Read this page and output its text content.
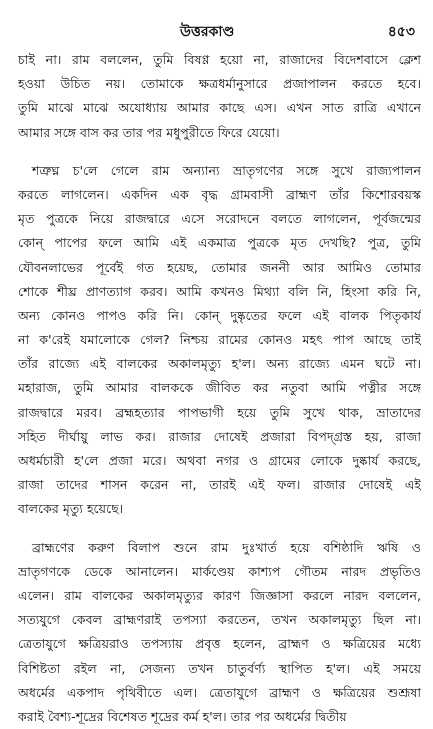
উত্তরকাণ্ড	৪৫৩
চাই না। রাম বললেন, তুমি বিষণ্ণ হয়ো না, রাজাদের বিদেশবাসে ক্লেশ
হওয়া উচিত নয়। তোমাকে ক্ষত্রধর্মানুসারে প্রজাপালন করতে হবে।
তুমি মাঝে মাঝে অযোধ্যায় আমার কাছে এস। এখন সাত রাত্রি এখানে
আমার সঙ্গে বাস কর তার পর মধুপুরীতে ফিরে যেয়ো।
শত্রুঘ্ন চ'লে গেলে রাম অন্যান্য ভ্রাতৃগণের সঙ্গে সুখে রাজ্যপালন
করতে লাগলেন। একদিন এক বৃদ্ধ গ্রামবাসী ব্রাহ্মণ তাঁর কিশোরবয়স্ক
মৃত পুত্রকে নিয়ে রাজদ্বারে এসে সরোদনে বলতে লাগলেন, পূর্বজন্মের
কোন্‌ পাপের ফলে আমি এই একমাত্র পুত্রকে মৃত দেখছি? পুত্র, তুমি
যৌবনলাভের পূর্বেই গত হয়েছ, তোমার জননী আর আমিও তোমার
শোকে শীঘ্র প্রাণত্যাগ করব। আমি কখনও মিথ্যা বলি নি, হিংসা করি নি,
অন্য কোনও পাপও করি নি। কোন্‌ দুষ্কৃতের ফলে এই বালক পিতৃকার্য
না ক'রেই যমালোকে গেল? নিশ্চয় রামের কোনও মহৎ পাপ আছে তাই
তাঁর রাজ্যে এই বালকের অকালমৃত্যু হ'ল। অন্য রাজ্যে এমন ঘটে না।
মহারাজ, তুমি আমার বালককে জীবিত কর নতুবা আমি পত্নীর সঙ্গে
রাজদ্বারে মরব। ব্রহ্মহত্যার পাপভাগী হয়ে তুমি সুখে থাক, ভ্রাতাদের
সহিত দীর্ঘায়ু লাভ কর। রাজার দোষেই প্রজারা বিপদ্‌গ্রস্ত হয়, রাজা
অধর্মচারী হ'লে প্রজা মরে। অথবা নগর ও গ্রামের লোকে দুষ্কার্য করছে,
রাজা তাদের শাসন করেন না, তারই এই ফল। রাজার দোষেই এই
বালকের মৃত্যু হয়েছে।
ব্রাহ্মণের করুণ বিলাপ শুনে রাম দুঃখার্ত হয়ে বশিষ্ঠাদি ঋষি ও
ভ্রাতৃগণকে ডেকে আনালেন। মার্কণ্ডেয় কাশ্যপ গৌতম নারদ প্রভৃতিও
এলেন। রাম বালকের অকালমৃত্যুর কারণ জিজ্ঞাসা করলে নারদ বললেন,
সত্যযুগে কেবল ব্রাহ্মণরাই তপস্যা করতেন, তখন অকালমৃত্যু ছিল না।
ত্রেতাযুগে ক্ষত্রিয়রাও তপস্যায় প্রবৃত্ত হলেন, ব্রাহ্মণ ও ক্ষত্রিয়ের মধ্যে
বিশিষ্টতা রইল না, সেজন্য তখন চাতুর্বর্ণ্য স্থাপিত হ'ল। এই সময়ে
অধর্মের একপাদ পৃথিবীতে এল। ত্রেতাযুগে ব্রাহ্মণ ও ক্ষত্রিয়ের শুশ্রূষা
করাই বৈশ্য-শূদ্রের বিশেষত শূদ্রের কর্ম হ'ল। তার পর অধর্মের দ্বিতীয়
